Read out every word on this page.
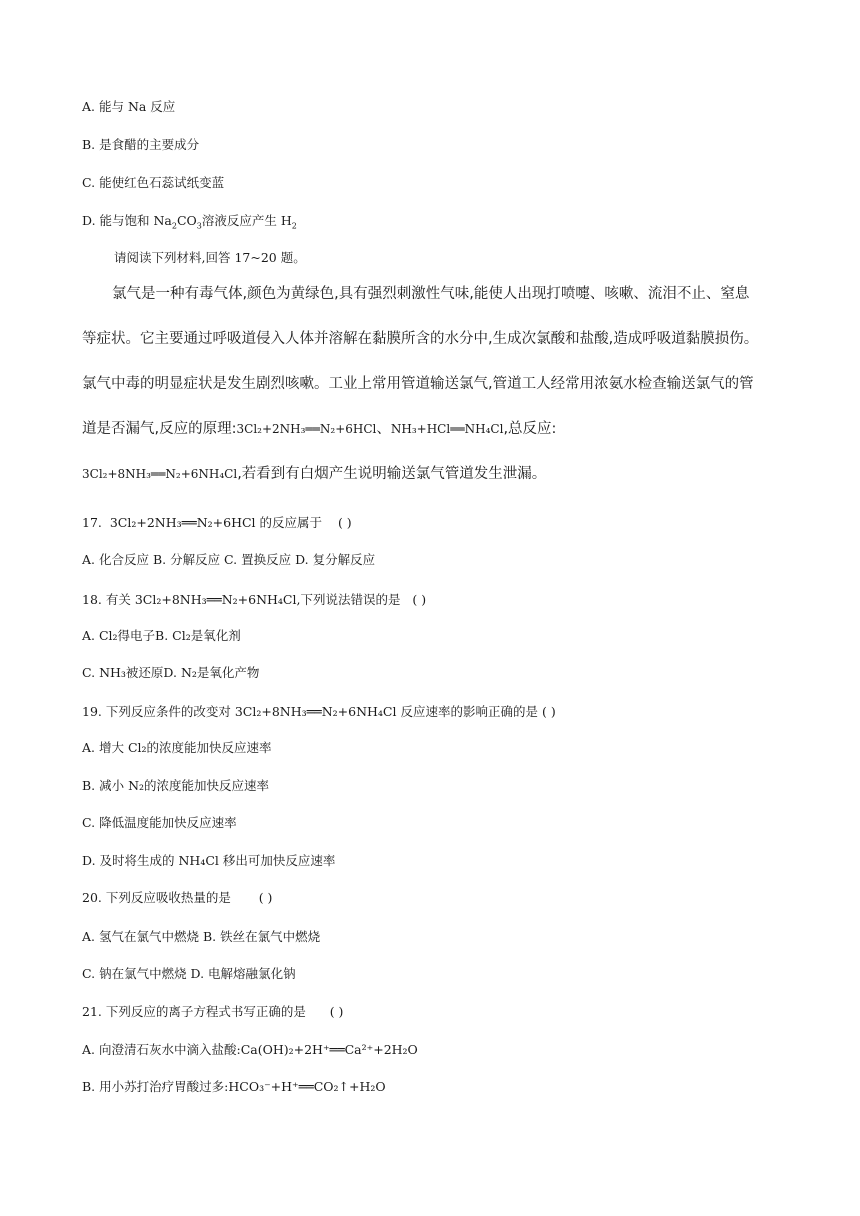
A. 能与 Na 反应
B. 是食醋的主要成分
C. 能使红色石蕊试纸变蓝
D. 能与饱和 $Na_2CO_3$溶液反应产生 $H_2$
请阅读下列材料,回答 17~20 题。
氯气是一种有毒气体,颜色为黄绿色,具有强烈刺激性气味,能使人出现打喷嚏、咳嗽、流泪不止、窒息
等症状。它主要通过呼吸道侵入人体并溶解在黏膜所含的水分中,生成次氯酸和盐酸,造成呼吸道黏膜损伤。
氯气中毒的明显症状是发生剧烈咳嗽。工业上常用管道输送氯气,管道工人经常用浓氨水检查输送氯气的管
道是否漏气,反应的原理:3Cl₂+2NH₃══N₂+6HCl、NH₃+HCl══NH₄Cl,总反应:
3Cl₂+8NH₃══N₂+6NH₄Cl,若看到有白烟产生说明输送氯气管道发生泄漏。
17. 3Cl₂+2NH₃══N₂+6HCl 的反应属于 ( )
A. 化合反应 B. 分解反应 C. 置换反应 D. 复分解反应
18. 有关 3Cl₂+8NH₃══N₂+6NH₄Cl,下列说法错误的是 ( )
A. Cl₂得电子B. Cl₂是氧化剂
C. NH₃被还原D. N₂是氧化产物
19. 下列反应条件的改变对 3Cl₂+8NH₃══N₂+6NH₄Cl 反应速率的影响正确的是 ( )
A. 增大 Cl₂的浓度能加快反应速率
B. 减小 N₂的浓度能加快反应速率
C. 降低温度能加快反应速率
D. 及时将生成的 NH₄Cl 移出可加快反应速率
20. 下列反应吸收热量的是 ( )
A. 氢气在氯气中燃烧 B. 铁丝在氯气中燃烧
C. 钠在氯气中燃烧 D. 电解熔融氯化钠
21. 下列反应的离子方程式书写正确的是 ( )
A. 向澄清石灰水中滴入盐酸:Ca(OH)₂+2H⁺══Ca²⁺+2H₂O
B. 用小苏打治疗胃酸过多:HCO₃⁻+H⁺══CO₂↑+H₂O
